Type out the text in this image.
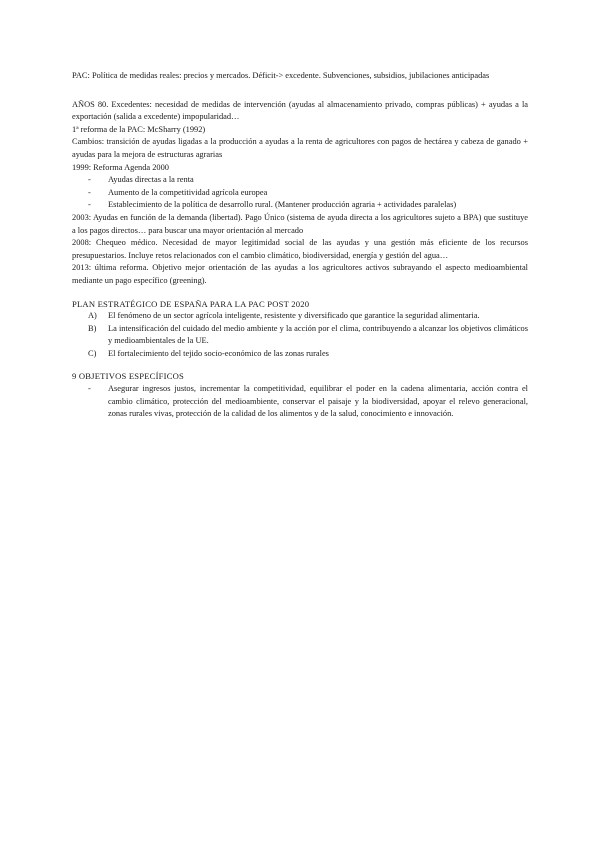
PAC: Política de medidas reales: precios y mercados. Déficit-> excedente. Subvenciones, subsidios, jubilaciones anticipadas

AÑOS 80. Excedentes: necesidad de medidas de intervención (ayudas al almacenamiento privado, compras públicas) + ayudas a la exportación (salida a excedente) impopularidad…

1ª reforma de la PAC: McSharry (1992)

Cambios: transición de ayudas ligadas a la producción a ayudas a la renta de agricultores con pagos de hectárea y cabeza de ganado + ayudas para la mejora de estructuras agrarias

1999: Reforma Agenda 2000

- Ayudas directas a la renta
- Aumento de la competitividad agrícola europea
- Establecimiento de la política de desarrollo rural. (Mantener producción agraria + actividades paralelas)

2003: Ayudas en función de la demanda (libertad). Pago Único (sistema de ayuda directa a los agricultores sujeto a BPA) que sustituye a los pagos directos… para buscar una mayor orientación al mercado

2008: Chequeo médico. Necesidad de mayor legitimidad social de las ayudas y una gestión más eficiente de los recursos presupuestarios. Incluye retos relacionados con el cambio climático, biodiversidad, energía y gestión del agua…

2013: última reforma. Objetivo mejor orientación de las ayudas a los agricultores activos subrayando el aspecto medioambiental mediante un pago específico (greening).

PLAN ESTRATÉGICO DE ESPAÑA PARA LA PAC POST 2020

A) El fenómeno de un sector agrícola inteligente, resistente y diversificado que garantice la seguridad alimentaria.
B) La intensificación del cuidado del medio ambiente y la acción por el clima, contribuyendo a alcanzar los objetivos climáticos y medioambientales de la UE.
C) El fortalecimiento del tejido socio-económico de las zonas rurales

9 OBJETIVOS ESPECÍFICOS

- Asegurar ingresos justos, incrementar la competitividad, equilibrar el poder en la cadena alimentaria, acción contra el cambio climático, protección del medioambiente, conservar el paisaje y la biodiversidad, apoyar el relevo generacional, zonas rurales vivas, protección de la calidad de los alimentos y de la salud, conocimiento e innovación.
